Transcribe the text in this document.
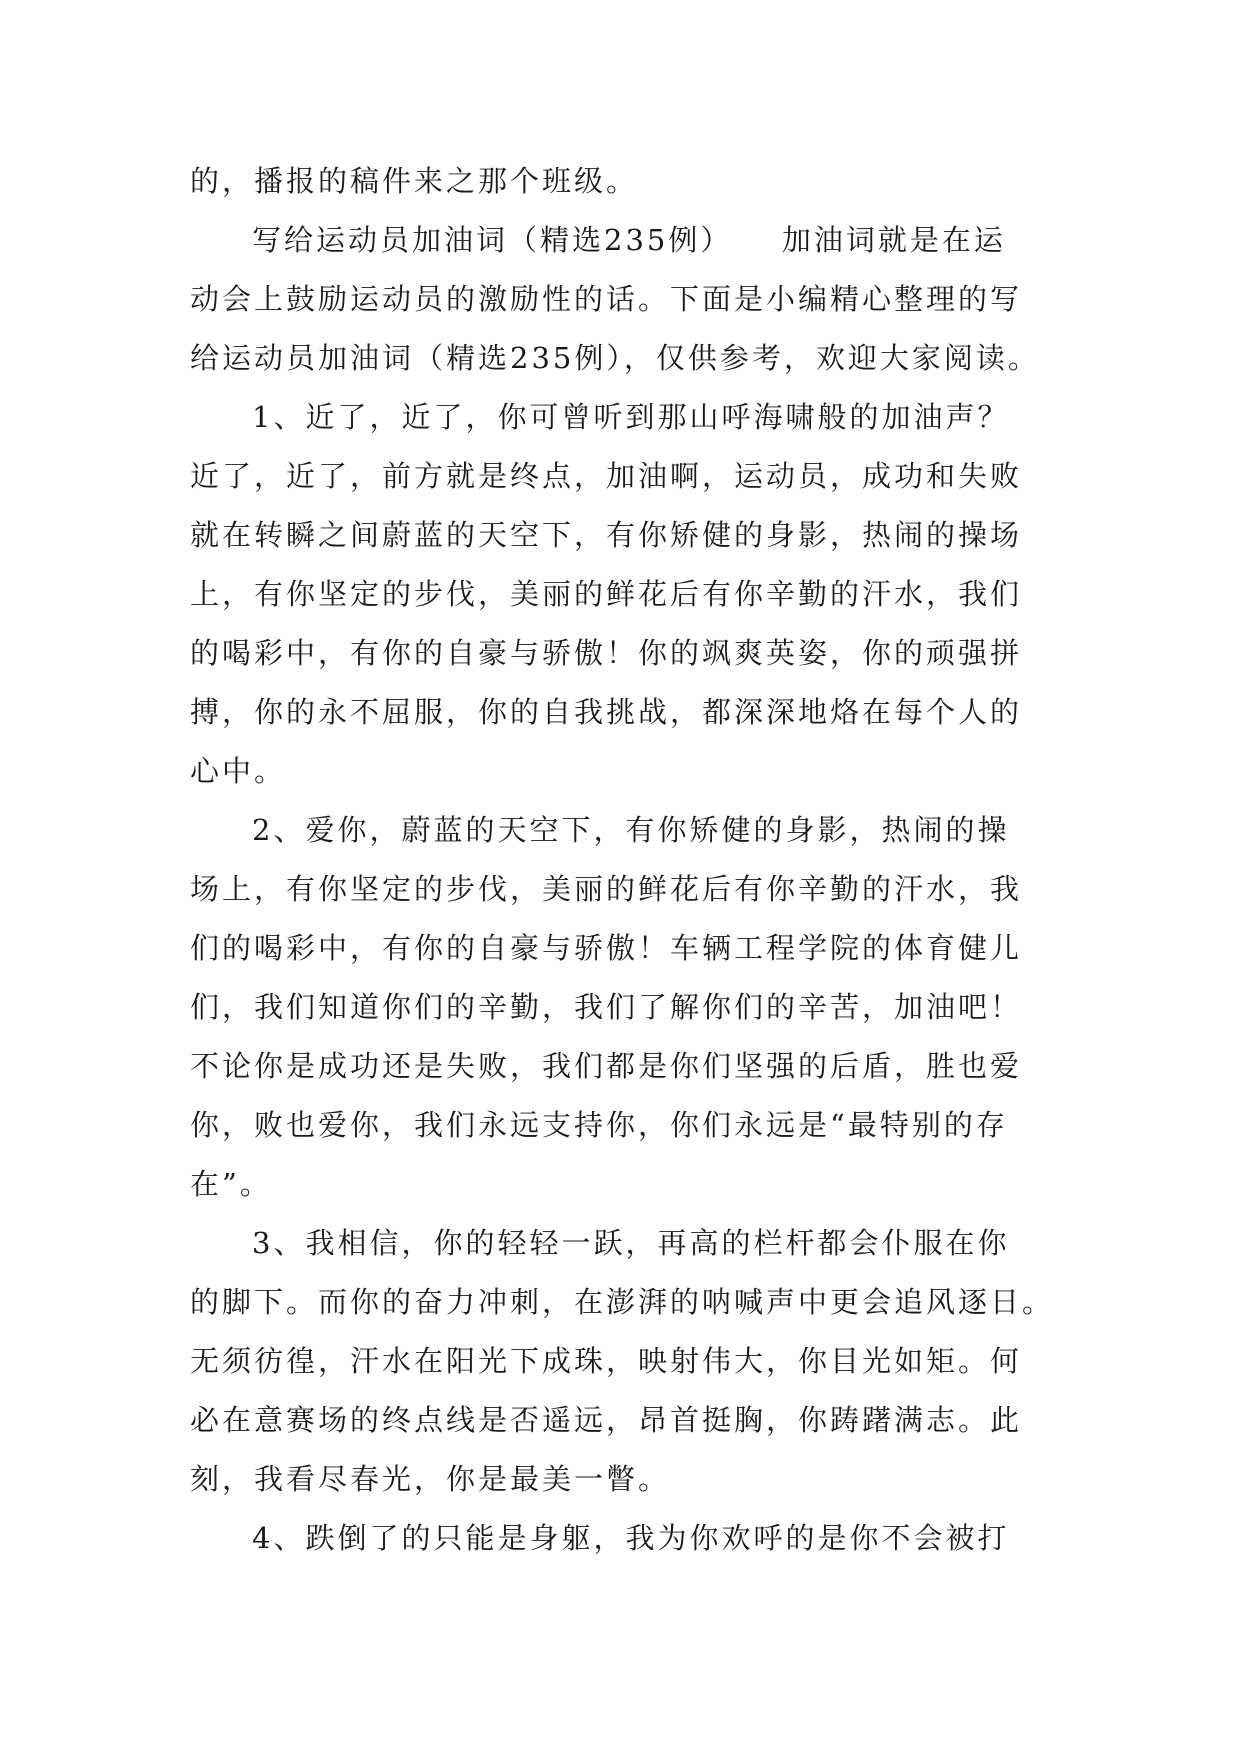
的，播报的稿件来之那个班级。
写给运动员加油词（精选235例）　　加油词就是在运
动会上鼓励运动员的激励性的话。下面是小编精心整理的写
给运动员加油词（精选235例），仅供参考，欢迎大家阅读。
1、近了，近了，你可曾听到那山呼海啸般的加油声？
近了，近了，前方就是终点，加油啊，运动员，成功和失败
就在转瞬之间蔚蓝的天空下，有你矫健的身影，热闹的操场
上，有你坚定的步伐，美丽的鲜花后有你辛勤的汗水，我们
的喝彩中，有你的自豪与骄傲！你的飒爽英姿，你的顽强拼
搏，你的永不屈服，你的自我挑战，都深深地烙在每个人的
心中。
2、爱你，蔚蓝的天空下，有你矫健的身影，热闹的操
场上，有你坚定的步伐，美丽的鲜花后有你辛勤的汗水，我
们的喝彩中，有你的自豪与骄傲！车辆工程学院的体育健儿
们，我们知道你们的辛勤，我们了解你们的辛苦，加油吧！
不论你是成功还是失败，我们都是你们坚强的后盾，胜也爱
你，败也爱你，我们永远支持你，你们永远是“最特别的存
在”。
3、我相信，你的轻轻一跃，再高的栏杆都会仆服在你
的脚下。而你的奋力冲刺，在澎湃的呐喊声中更会追风逐日。
无须彷徨，汗水在阳光下成珠，映射伟大，你目光如矩。何
必在意赛场的终点线是否遥远，昂首挺胸，你踌躇满志。此
刻，我看尽春光，你是最美一瞥。
4、跌倒了的只能是身躯，我为你欢呼的是你不会被打
